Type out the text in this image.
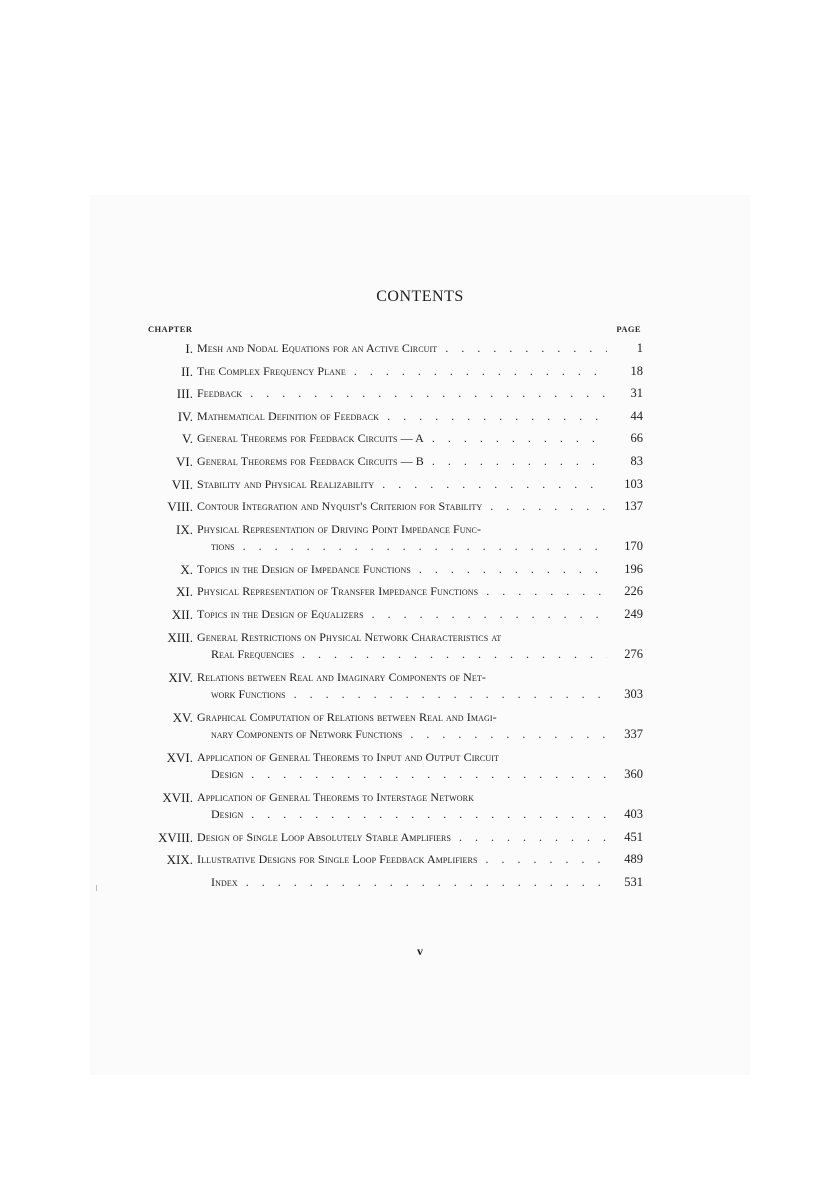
CONTENTS
CHAPTER	PAGE
I. Mesh and Nodal Equations for an Active Circuit . . .	1
II. The Complex Frequency Plane . . .	18
III. Feedback . . .	31
IV. Mathematical Definition of Feedback . . .	44
V. General Theorems for Feedback Circuits — A . . .	66
VI. General Theorems for Feedback Circuits — B . . .	83
VII. Stability and Physical Realizability . . .	103
VIII. Contour Integration and Nyquist's Criterion for Stability . . .	137
IX. Physical Representation of Driving Point Impedance Func-
tions . . .	170
X. Topics in the Design of Impedance Functions . . .	196
XI. Physical Representation of Transfer Impedance Functions . . .	226
XII. Topics in the Design of Equalizers . . .	249
XIII. General Restrictions on Physical Network Characteristics at
Real Frequencies . . .	276
XIV. Relations between Real and Imaginary Components of Net-
work Functions . . .	303
XV. Graphical Computation of Relations between Real and Imagi-
nary Components of Network Functions . . .	337
XVI. Application of General Theorems to Input and Output Circuit
Design . . .	360
XVII. Application of General Theorems to Interstage Network
Design . . .	403
XVIII. Design of Single Loop Absolutely Stable Amplifiers . . .	451
XIX. Illustrative Designs for Single Loop Feedback Amplifiers . . .	489
Index . . .	531
v
